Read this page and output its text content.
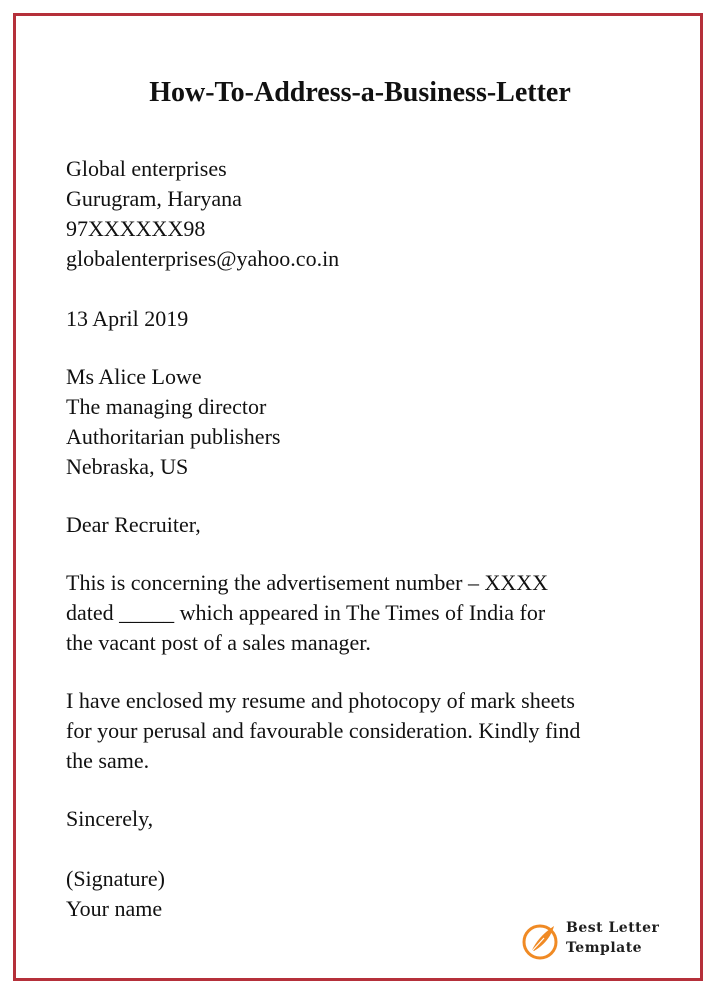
How-To-Address-a-Business-Letter
Global enterprises
Gurugram, Haryana
97XXXXXX98
globalenterprises@yahoo.co.in
13 April 2019
Ms Alice Lowe
The managing director
Authoritarian publishers
Nebraska, US
Dear Recruiter,
This is concerning the advertisement number – XXXX
dated _____ which appeared in The Times of India for
the vacant post of a sales manager.
I have enclosed my resume and photocopy of mark sheets
for your perusal and favourable consideration. Kindly find
the same.
Sincerely,
(Signature)
Your name
Best Letter
Template
